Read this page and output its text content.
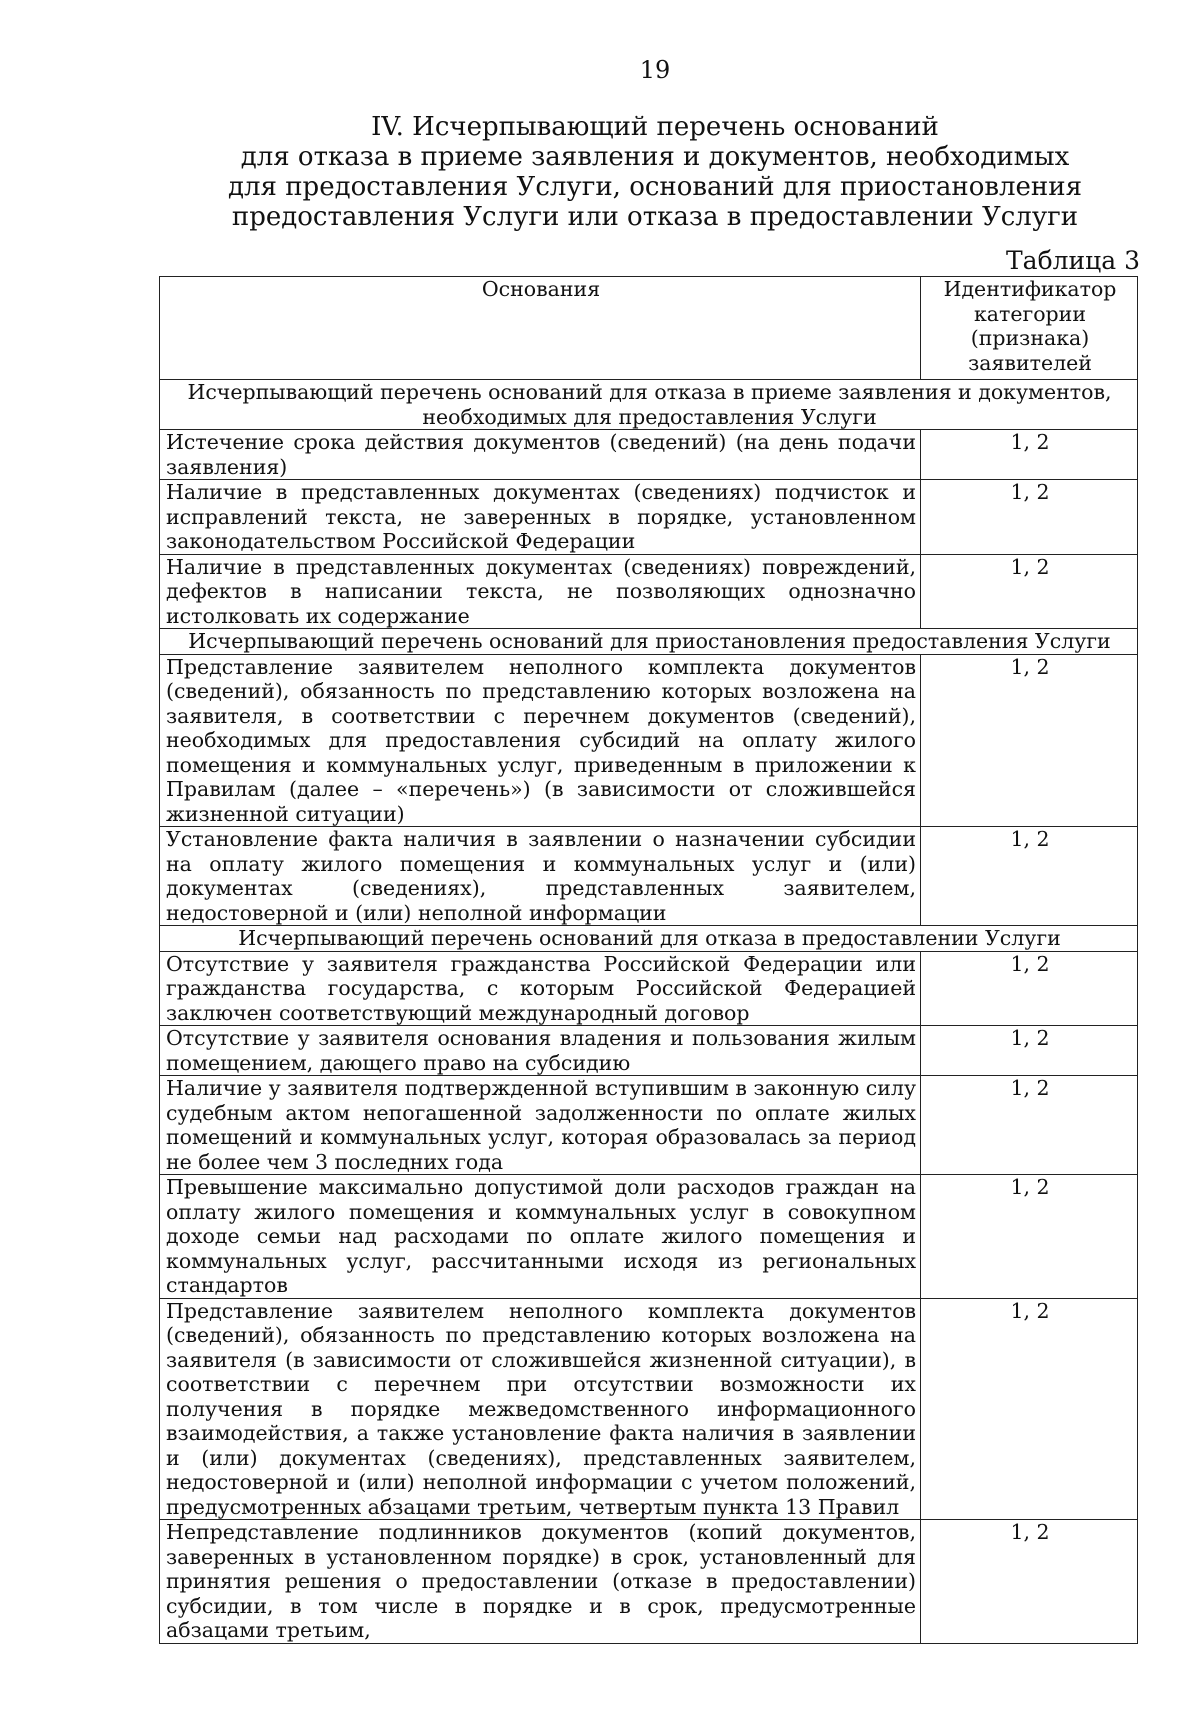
19
IV. Исчерпывающий перечень оснований
для отказа в приеме заявления и документов, необходимых
для предоставления Услуги, оснований для приостановления
предоставления Услуги или отказа в предоставлении Услуги
Таблица 3
Основания	Идентификатор категории (признака) заявителей
Исчерпывающий перечень оснований для отказа в приеме заявления и документов, необходимых для предоставления Услуги	
Истечение срока действия документов (сведений) (на день подачи заявления)	1, 2
Наличие в представленных документах (сведениях) подчисток и исправлений текста, не заверенных в порядке, установленном законодательством Российской Федерации	1, 2
Наличие в представленных документах (сведениях) повреждений, дефектов в написании текста, не позволяющих однозначно истолковать их содержание	1, 2
Исчерпывающий перечень оснований для приостановления предоставления Услуги	
Представление заявителем неполного комплекта документов (сведений), обязанность по представлению которых возложена на заявителя, в соответствии с перечнем документов (сведений), необходимых для предоставления субсидий на оплату жилого помещения и коммунальных услуг, приведенным в приложении к Правилам (далее – «перечень») (в зависимости от сложившейся жизненной ситуации)	1, 2
Установление факта наличия в заявлении о назначении субсидии на оплату жилого помещения и коммунальных услуг и (или) документах (сведениях), представленных заявителем, недостоверной и (или) неполной информации	1, 2
Исчерпывающий перечень оснований для отказа в предоставлении Услуги	
Отсутствие у заявителя гражданства Российской Федерации или гражданства государства, с которым Российской Федерацией заключен соответствующий международный договор	1, 2
Отсутствие у заявителя основания владения и пользования жилым помещением, дающего право на субсидию	1, 2
Наличие у заявителя подтвержденной вступившим в законную силу судебным актом непогашенной задолженности по оплате жилых помещений и коммунальных услуг, которая образовалась за период не более чем 3 последних года	1, 2
Превышение максимально допустимой доли расходов граждан на оплату жилого помещения и коммунальных услуг в совокупном доходе семьи над расходами по оплате жилого помещения и коммунальных услуг, рассчитанными исходя из региональных стандартов	1, 2
Представление заявителем неполного комплекта документов (сведений), обязанность по представлению которых возложена на заявителя (в зависимости от сложившейся жизненной ситуации), в соответствии с перечнем при отсутствии возможности их получения в порядке межведомственного информационного взаимодействия, а также установление факта наличия в заявлении и (или) документах (сведениях), представленных заявителем, недостоверной и (или) неполной информации с учетом положений, предусмотренных абзацами третьим, четвертым пункта 13 Правил	1, 2
Непредставление подлинников документов (копий документов, заверенных в установленном порядке) в срок, установленный для принятия решения о предоставлении (отказе в предоставлении) субсидии, в том числе в порядке и в срок, предусмотренные абзацами третьим,	1, 2
